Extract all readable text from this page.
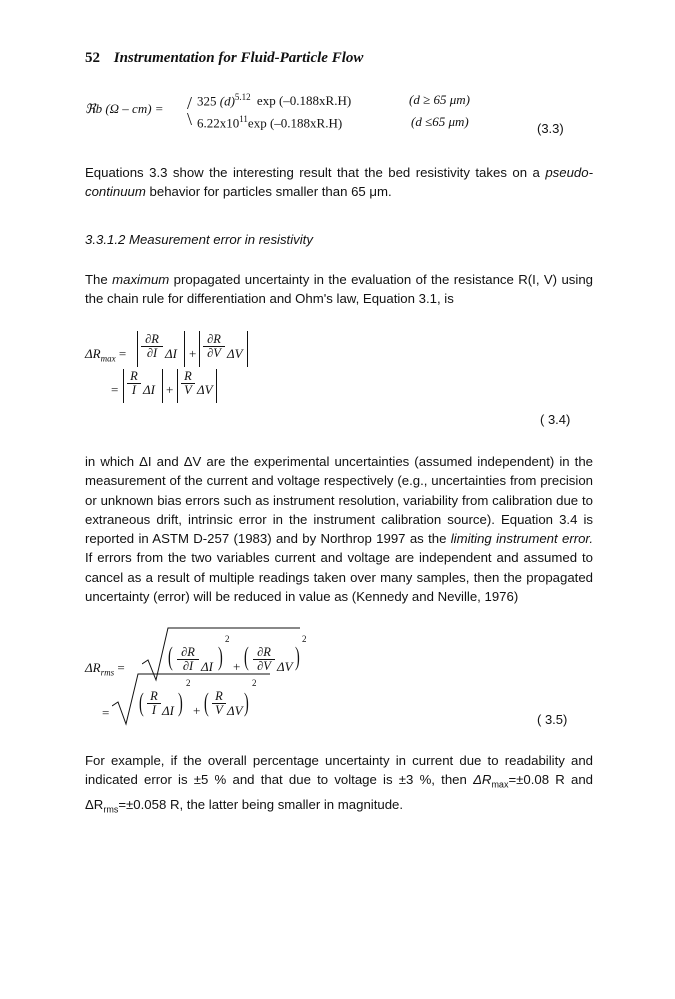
52 Instrumentation for Fluid-Particle Flow
ℜb (Ω – cm) = /
\
325 $(d)^{5.12}$ exp (–0.188xR.H)	(d ≥ 65 μm)
$6.22x10^{11}\exp$ (–0.188xR.H)	(d ≤65 μm)	(3.3)
Equations 3.3 show the interesting result that the bed resistivity takes on a pseudo-continuum behavior for particles smaller than 65 μm.
3.3.1.2 Measurement error in resistivity
The maximum propagated uncertainty in the evaluation of the resistance R(I, V) using the chain rule for differentiation and Ohm's law, Equation 3.1, is
$\Delta R_{max} = \frac{\partial R}{\partial I}$ $\Delta I + \frac{\partial R}{\partial V}$ ΔV
= $\frac{R}{I}$ $\Delta I + \frac{R}{V}$ ΔV
( 3.4)
in which ΔI and ΔV are the experimental uncertainties (assumed independent) in the measurement of the current and voltage respectively (e.g., uncertainties from precision or unknown bias errors such as instrument resolution, variability from calibration due to extraneous drift, intrinsic error in the instrument calibration source). Equation 3.4 is reported in ASTM D-257 (1983) and by Northrop 1997 as the limiting instrument error. If errors from the two variables current and voltage are independent and assumed to cancel as a result of multiple readings taken over many samples, then the propagated uncertainty (error) will be reduced in value as (Kennedy and Neville, 1976)
$\Delta R_{rms}$ = ( $\frac{\partial R}{\partial I}$ ΔI )
2
+ ( $\frac{\partial R}{\partial V}$ ΔV )
2
= ( $\frac{R}{I}$ ΔI )
2
+ ( $\frac{R}{V}$ ΔV )
2
( 3.5)
For example, if the overall percentage uncertainty in current due to readability and indicated error is ±5 % and that due to voltage is ±3 %, then $\Delta R_{max}=\pm 0.08$ R and $\Delta R_{rms}=\pm 0.058$ R, the latter being smaller in magnitude.
